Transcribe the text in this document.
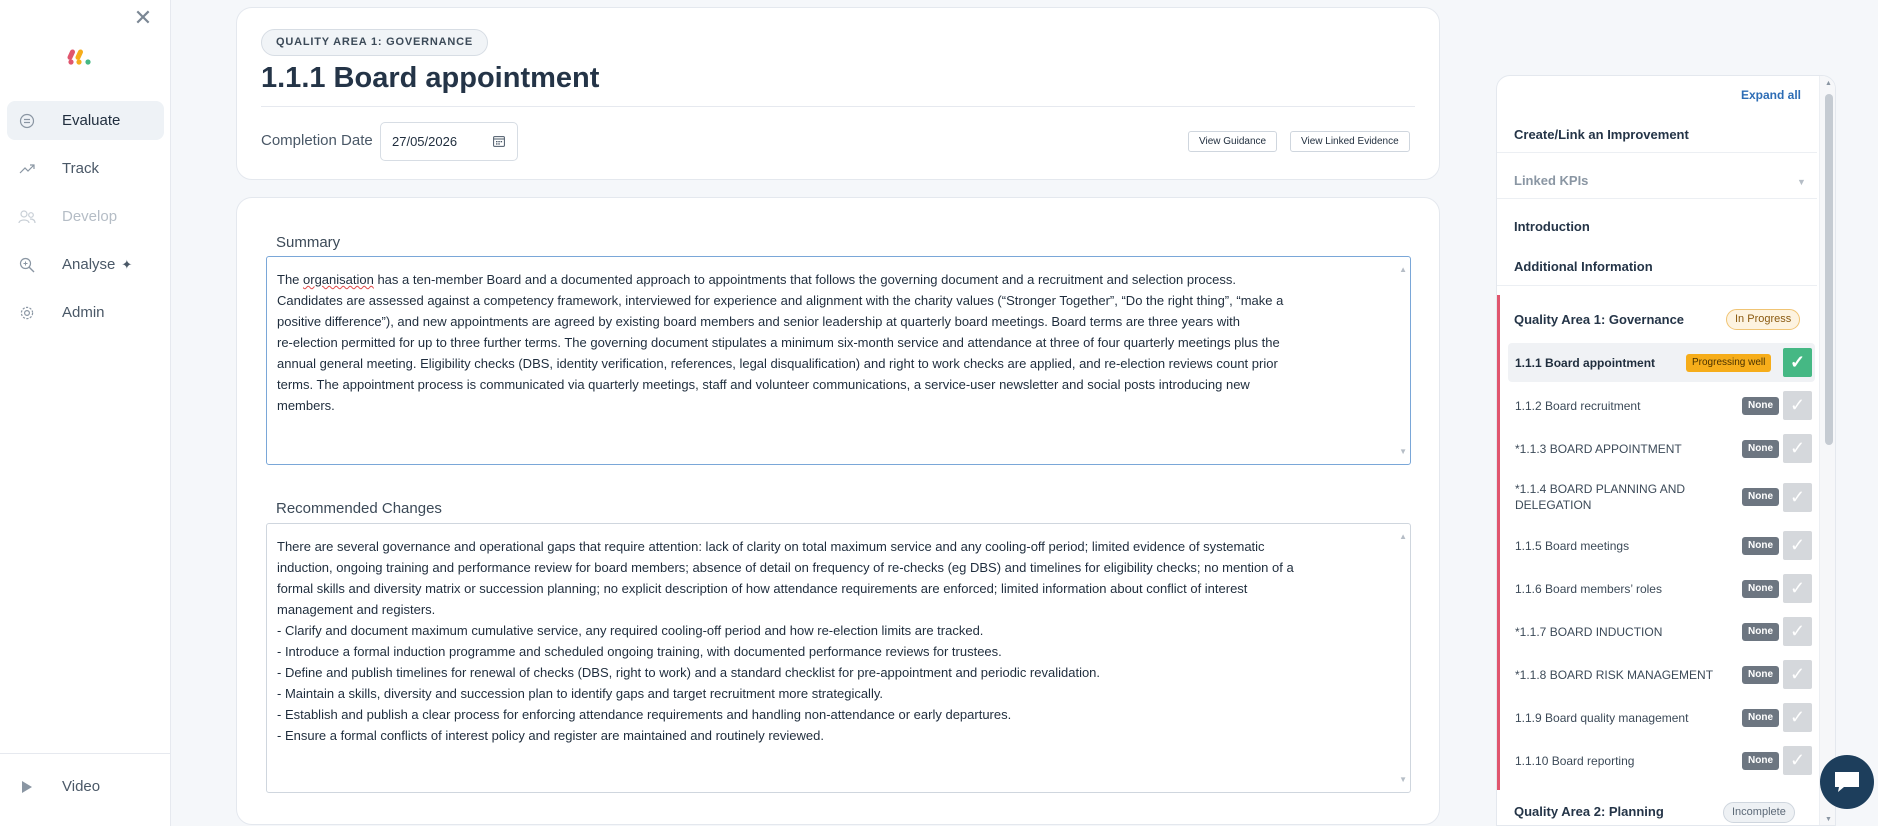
✕
Evaluate
Track
Develop
Analyse ✦
Admin
Video
QUALITY AREA 1: GOVERNANCE
1.1.1 Board appointment
Completion Date
27/05/2026	View Guidance	View Linked Evidence
Summary
The organisation has a ten-member Board and a documented approach to appointments that follows the governing document and a recruitment and selection process.
Candidates are assessed against a competency framework, interviewed for experience and alignment with the charity values (“Stronger Together”, “Do the right thing”, “make a
positive difference”), and new appointments are agreed by existing board members and senior leadership at quarterly board meetings. Board terms are three years with
re-election permitted for up to three further terms. The governing document stipulates a minimum six-month service and attendance at three of four quarterly meetings plus the
annual general meeting. Eligibility checks (DBS, identity verification, references, legal disqualification) and right to work checks are applied, and re-election reviews count prior
terms. The appointment process is communicated via quarterly meetings, staff and volunteer communications, a service-user newsletter and social posts introducing new
members.
▲
▼
Recommended Changes
There are several governance and operational gaps that require attention: lack of clarity on total maximum service and any cooling-off period; limited evidence of systematic
induction, ongoing training and performance review for board members; absence of detail on frequency of re-checks (eg DBS) and timelines for eligibility checks; no mention of a
formal skills and diversity matrix or succession planning; no explicit description of how attendance requirements are enforced; limited information about conflict of interest
management and registers.
- Clarify and document maximum cumulative service, any required cooling-off period and how re-election limits are tracked.
- Introduce a formal induction programme and scheduled ongoing training, with documented performance reviews for trustees.
- Define and publish timelines for renewal of checks (DBS, right to work) and a standard checklist for pre-appointment and periodic revalidation.
- Maintain a skills, diversity and succession plan to identify gaps and target recruitment more strategically.
- Establish and publish a clear process for enforcing attendance requirements and handling non-attendance or early departures.
- Ensure a formal conflicts of interest policy and register are maintained and routinely reviewed.
▲
▼
Expand all
Create/Link an Improvement
Linked KPIs	▼
Introduction
Additional Information
Quality Area 1: Governance	In Progress
1.1.1 Board appointment	Progressing well	✓
1.1.2 Board recruitment	None ✓
*1.1.3 BOARD APPOINTMENT	None ✓
*1.1.4 BOARD PLANNING AND DELEGATION
None ✓
1.1.5 Board meetings	None ✓
1.1.6 Board members’ roles	None ✓
*1.1.7 BOARD INDUCTION	None ✓
*1.1.8 BOARD RISK MANAGEMENT	None ✓
1.1.9 Board quality management	None ✓
1.1.10 Board reporting	None ✓
Quality Area 2: Planning	Incomplete
▲
▼
